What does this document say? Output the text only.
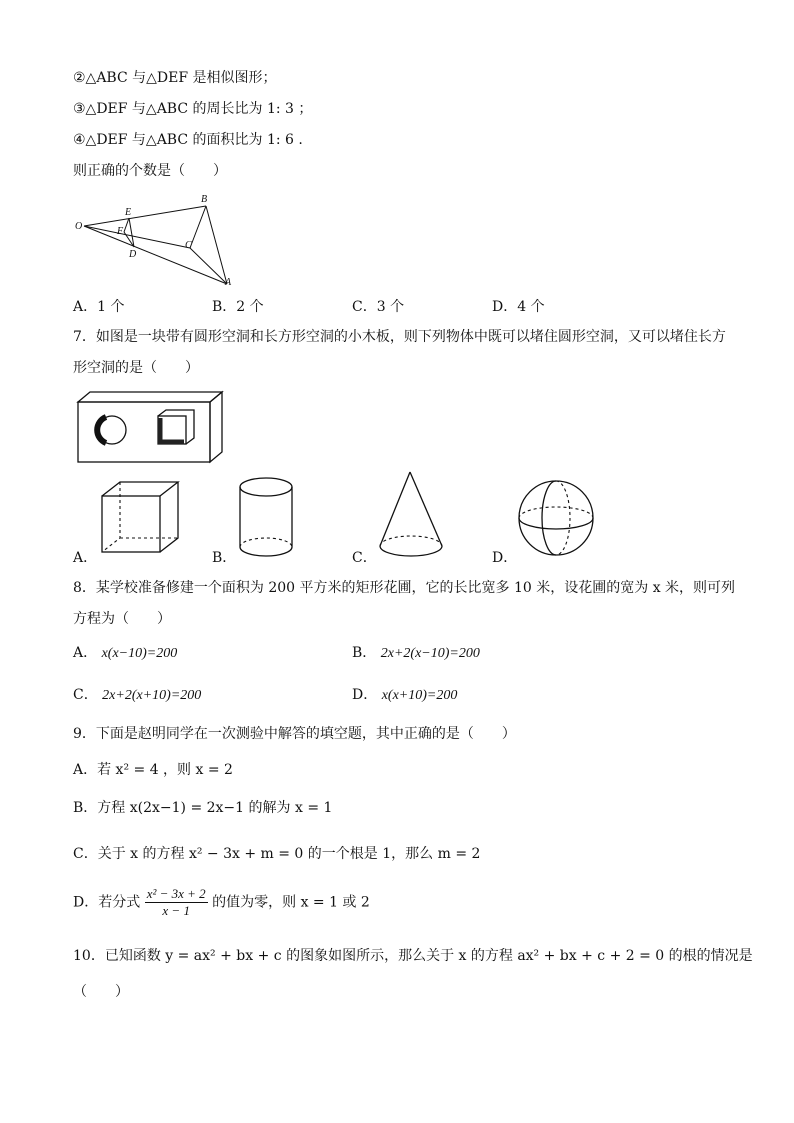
②△ABC 与△DEF 是相似图形；
③△DEF 与△ABC 的周长比为 1: 3 ；
④△DEF 与△ABC 的面积比为 1: 6 .
则正确的个数是（　　）
O
E
F
D
B
C
A
A．1 个	B．2 个	C．3 个	D．4 个
7．如图是一块带有圆形空洞和长方形空洞的小木板，则下列物体中既可以堵住圆形空洞，又可以堵住长方
形空洞的是（　　）
A．	B．	C．	D．
8．某学校准备修建一个面积为 200 平方米的矩形花圃，它的长比宽多 10 米，设花圃的宽为 x 米，则可列
方程为（　　）
A． x(x−10)=200	B． 2x+2(x−10)=200
C． 2x+2(x+10)=200	D． x(x+10)=200
9．下面是赵明同学在一次测验中解答的填空题，其中正确的是（　　）
A．若 x² = 4 ，则 x = 2
B．方程 x(2x−1) = 2x−1 的解为 x = 1
C．关于 x 的方程 x² − 3x + m = 0 的一个根是 1，那么 m = 2
D．若分式 $\frac{\text{x² − 3x + 2}}{x - 1}$ 的值为零，则 x = 1 或 2
10．已知函数 y = ax² + bx + c 的图象如图所示，那么关于 x 的方程 ax² + bx + c + 2 = 0 的根的情况是
（　　）
